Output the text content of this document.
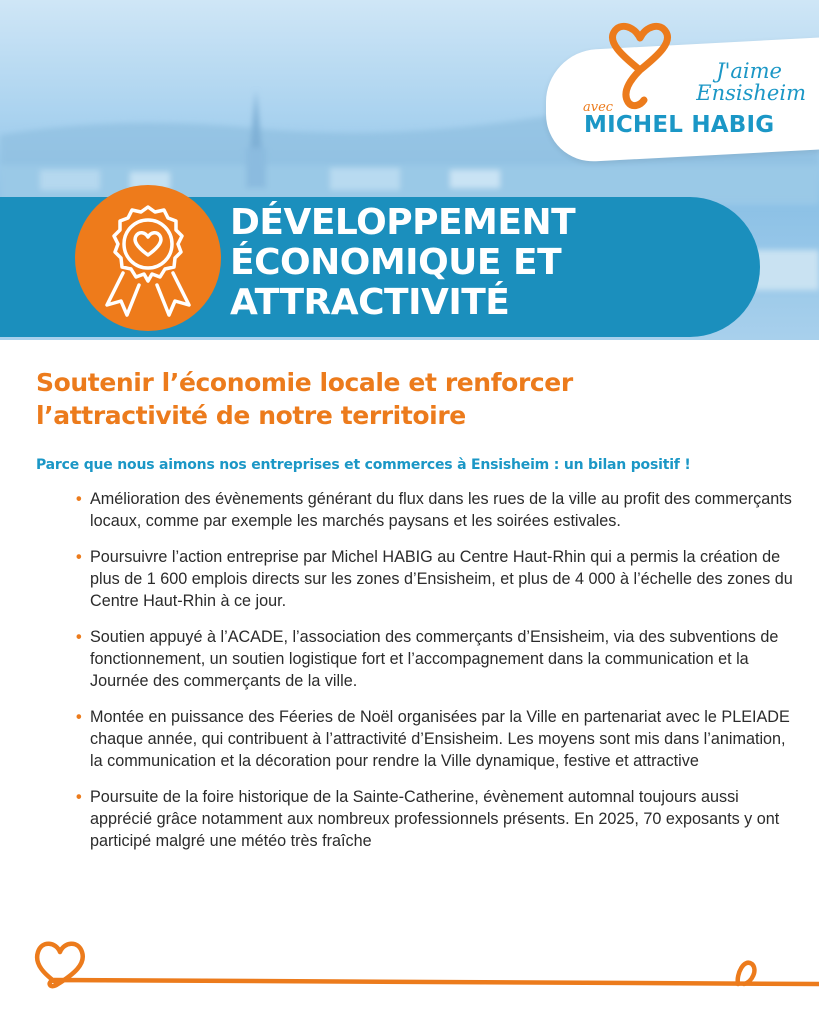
J'aime
Ensisheim
avec
MICHEL HABIG
DÉVELOPPEMENT
ÉCONOMIQUE ET
ATTRACTIVITÉ
Soutenir l’économie locale et renforcer
l’attractivité de notre territoire

Parce que nous aimons nos entreprises et commerces à Ensisheim : un bilan positif !

• Amélioration des évènements générant du flux dans les rues de la ville au profit des commerçants locaux, comme par exemple les marchés paysans et les soirées estivales.
• Poursuivre l’action entreprise par Michel HABIG au Centre Haut-Rhin qui a permis la création de plus de 1 600 emplois directs sur les zones d’Ensisheim, et plus de 4 000 à l’échelle des zones du Centre Haut-Rhin à ce jour.
• Soutien appuyé à l’ACADE, l’association des commerçants d’Ensisheim, via des subventions de fonctionnement, un soutien logistique fort et l’accompagnement dans la communication et la Journée des commerçants de la ville.
• Montée en puissance des Féeries de Noël organisées par la Ville en partenariat avec le PLEIADE chaque année, qui contribuent à l’attractivité d’Ensisheim. Les moyens sont mis dans l’animation, la communication et la décoration pour rendre la Ville dynamique, festive et attractive
• Poursuite de la foire historique de la Sainte-Catherine, évènement automnal toujours aussi apprécié grâce notamment aux nombreux professionnels présents. En 2025, 70 exposants y ont participé malgré une météo très fraîche
